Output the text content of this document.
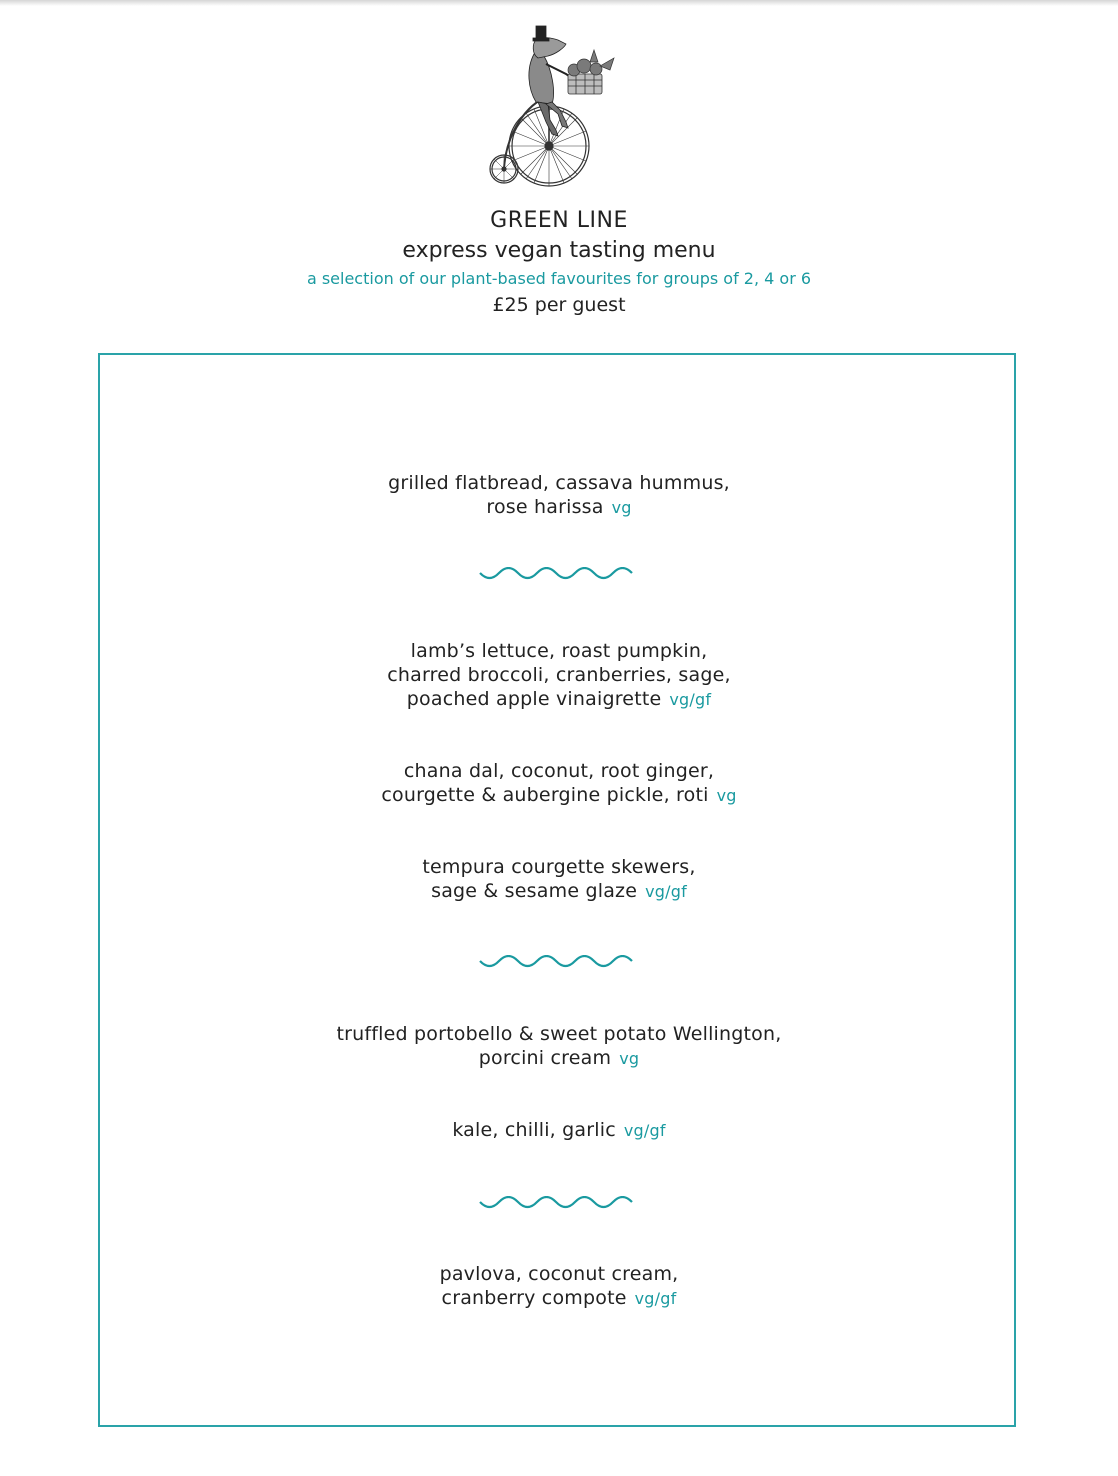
GREEN LINE

express vegan tasting menu

a selection of our plant-based favourites for groups of 2, 4 or 6

£25 per guest

grilled flatbread, cassava hummus,
rose harissa vg
lamb’s lettuce, roast pumpkin,
charred broccoli, cranberries, sage,
poached apple vinaigrette vg/gf
chana dal, coconut, root ginger,
courgette & aubergine pickle, roti vg
tempura courgette skewers,
sage & sesame glaze vg/gf
truffled portobello & sweet potato Wellington,
porcini cream vg
kale, chilli, garlic vg/gf
pavlova, coconut cream,
cranberry compote vg/gf
